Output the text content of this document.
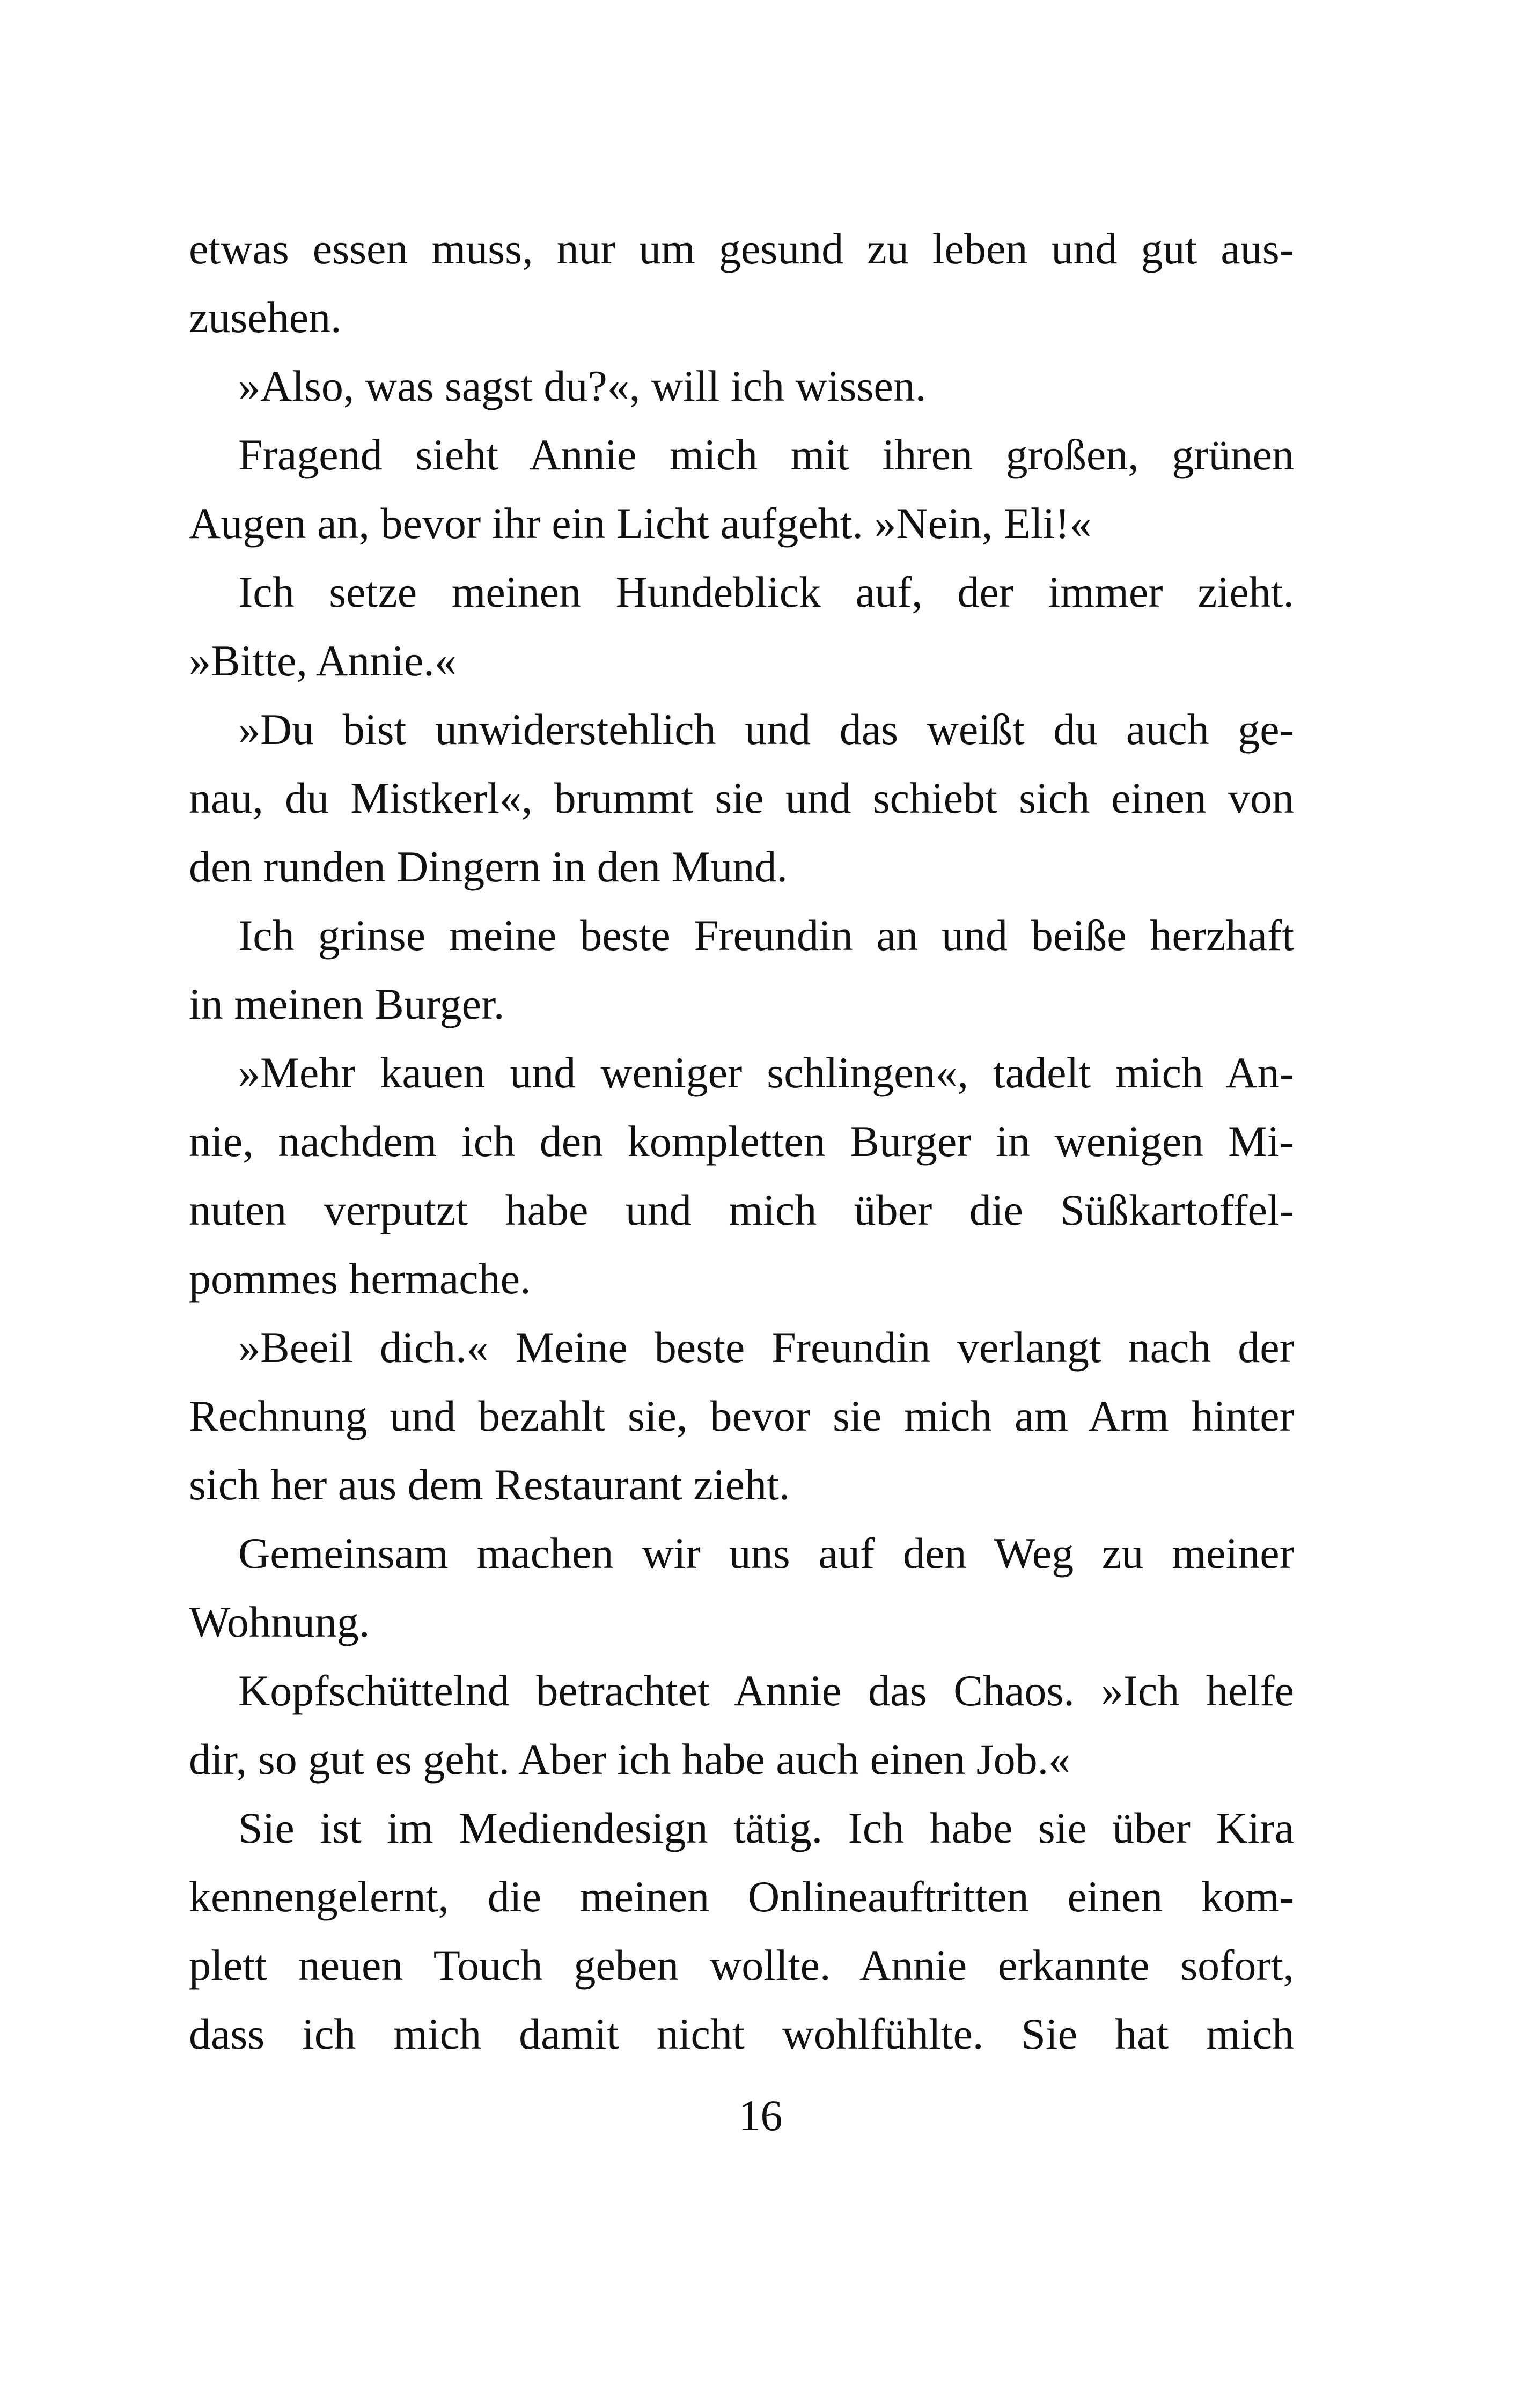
etwas essen muss, nur um gesund zu leben und gut aus-
zusehen.
»Also, was sagst du?«, will ich wissen.
Fragend sieht Annie mich mit ihren großen, grünen
Augen an, bevor ihr ein Licht aufgeht. »Nein, Eli!«
Ich setze meinen Hundeblick auf, der immer zieht.
»Bitte, Annie.«
»Du bist unwiderstehlich und das weißt du auch ge-
nau, du Mistkerl«, brummt sie und schiebt sich einen von
den runden Dingern in den Mund.
Ich grinse meine beste Freundin an und beiße herzhaft
in meinen Burger.
»Mehr kauen und weniger schlingen«, tadelt mich An-
nie, nachdem ich den kompletten Burger in wenigen Mi-
nuten verputzt habe und mich über die Süßkartoffel-
pommes hermache.
»Beeil dich.« Meine beste Freundin verlangt nach der
Rechnung und bezahlt sie, bevor sie mich am Arm hinter
sich her aus dem Restaurant zieht.
Gemeinsam machen wir uns auf den Weg zu meiner
Wohnung.
Kopfschüttelnd betrachtet Annie das Chaos. »Ich helfe
dir, so gut es geht. Aber ich habe auch einen Job.«
Sie ist im Mediendesign tätig. Ich habe sie über Kira
kennengelernt, die meinen Onlineauftritten einen kom-
plett neuen Touch geben wollte. Annie erkannte sofort,
dass ich mich damit nicht wohlfühlte. Sie hat mich
16
